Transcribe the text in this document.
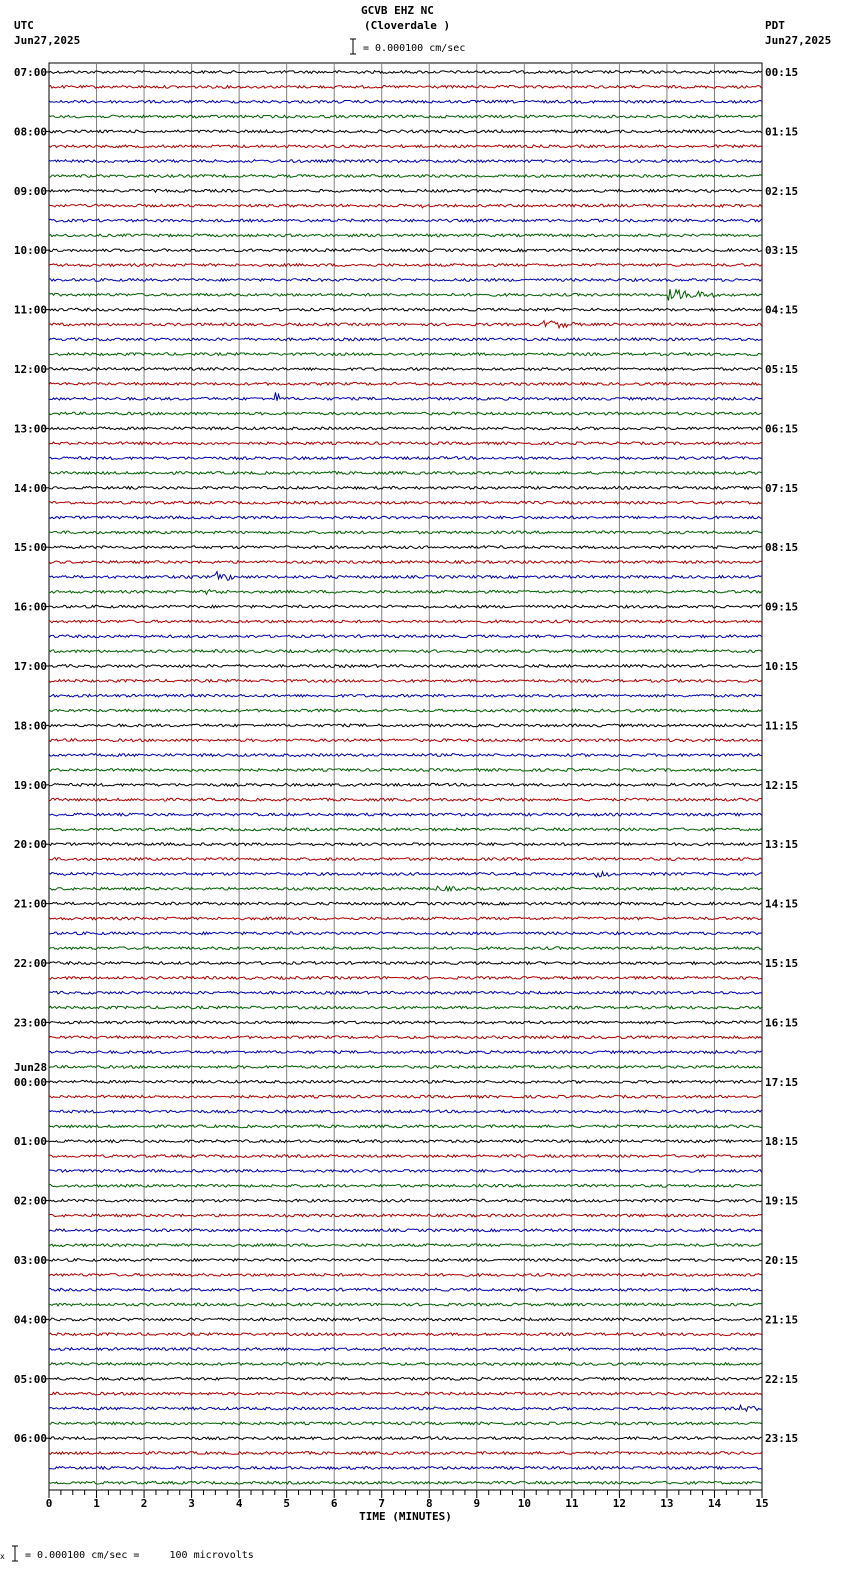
07:00
08:00
09:00
10:00
11:00
12:00
13:00
14:00
15:00
16:00
17:00
18:00
19:00
20:00
21:00
22:00
23:00
00:00
01:00
02:00
03:00
04:00
05:00
06:00
Jun28
00:15
01:15
02:15
03:15
04:15
05:15
06:15
07:15
08:15
09:15
10:15
11:15
12:15
13:15
14:15
15:15
16:15
17:15
18:15
19:15
20:15
21:15
22:15
23:15
0	1	2	3	4	5	6	7	8	9	10	11	12	13	14	15
TIME (MINUTES)
GCVB EHZ NC
(Cloverdale )
= 0.000100 cm/sec
UTC
Jun27,2025
PDT
Jun27,2025
x = 0.000100 cm/sec =     100 microvolts
